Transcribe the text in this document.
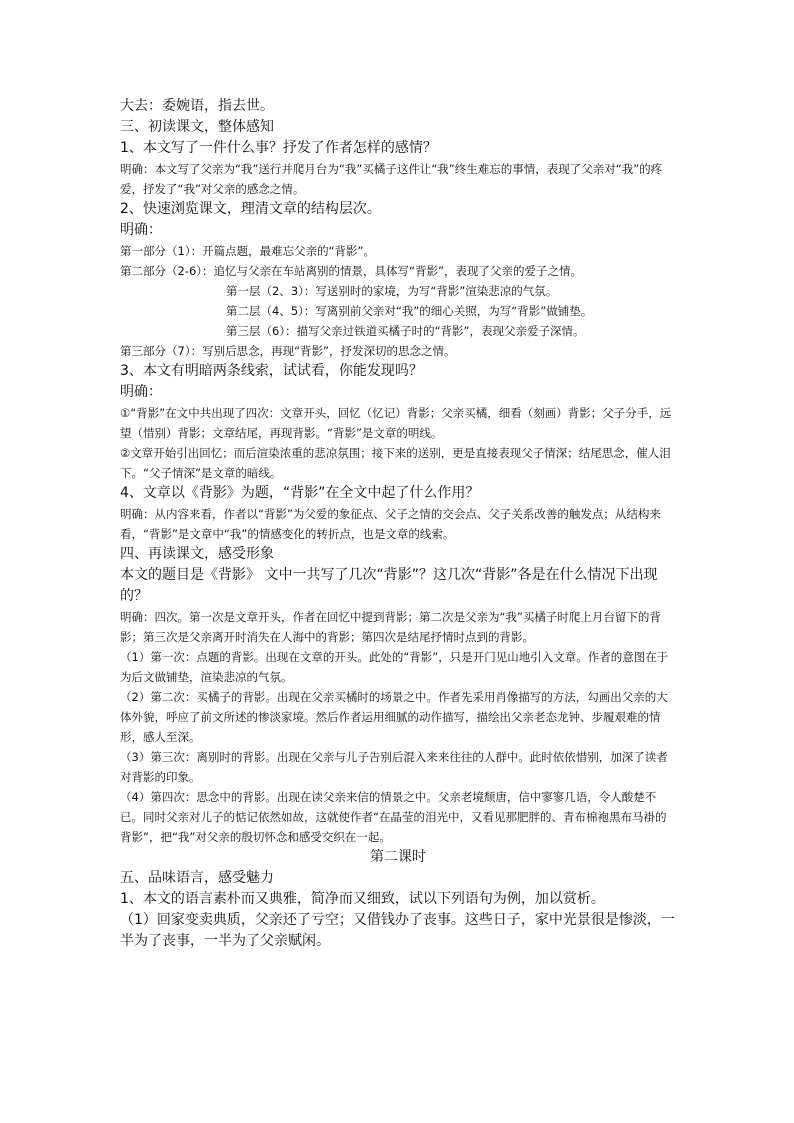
大去：委婉语，指去世。

三、初读课文，整体感知

1、本文写了一件什么事？抒发了作者怎样的感情？

明确：本文写了父亲为“我”送行并爬月台为“我”买橘子这件让“我”终生难忘的事情，表现了父亲对“我”的疼爱，抒发了“我”对父亲的感念之情。

2、快速浏览课文，理清文章的结构层次。

明确：

第一部分（1）：开篇点题，最难忘父亲的“背影”。

第二部分（2-6）：追忆与父亲在车站离别的情景，具体写“背影”，表现了父亲的爱子之情。

第一层（2、3）：写送别时的家境，为写“背影”渲染悲凉的气氛。

第二层（4、5）：写离别前父亲对“我”的细心关照，为写“背影”做铺垫。

第三层（6）：描写父亲过铁道买橘子时的“背影”，表现父亲爱子深情。

第三部分（7）：写别后思念，再现“背影”，抒发深切的思念之情。

3、本文有明暗两条线索，试试看，你能发现吗？

明确：

①“背影”在文中共出现了四次：文章开头，回忆（忆记）背影；父亲买橘，细看（刻画）背影；父子分手，远望（惜别）背影；文章结尾，再现背影。“背影”是文章的明线。

②文章开始引出回忆；而后渲染浓重的悲凉氛围；接下来的送别，更是直接表现父子情深；结尾思念，催人泪下。“父子情深”是文章的暗线。

4、文章以《背影》为题，“背影”在全文中起了什么作用？

明确：从内容来看，作者以“背影”为父爱的象征点、父子之情的交会点、父子关系改善的触发点；从结构来看，“背影”是文章中“我”的情感变化的转折点，也是文章的线索。

四、再读课文，感受形象

本文的题目是《背影》 文中一共写了几次“背影”？这几次“背影”各是在什么情况下出现的？

明确：四次。第一次是文章开头，作者在回忆中提到背影；第二次是父亲为“我”买橘子时爬上月台留下的背影；第三次是父亲离开时消失在人海中的背影；第四次是结尾抒情时点到的背影。

（1）第一次：点题的背影。出现在文章的开头。此处的“背影”，只是开门见山地引入文章。作者的意图在于为后文做铺垫，渲染悲凉的气氛。

（2）第二次：买橘子的背影。出现在父亲买橘时的场景之中。作者先采用肖像描写的方法，勾画出父亲的大体外貌，呼应了前文所述的惨淡家境。然后作者运用细腻的动作描写，描绘出父亲老态龙钟、步履艰难的情形，感人至深。

（3）第三次：离别时的背影。出现在父亲与儿子告别后混入来来往往的人群中。此时依依惜别，加深了读者对背影的印象。

（4）第四次：思念中的背影。出现在读父亲来信的情景之中。父亲老境颓唐，信中寥寥几语，令人酸楚不已。同时父亲对儿子的惦记依然如故，这就使作者“在晶莹的泪光中，又看见那肥胖的、青布棉袍黑布马褂的背影”，把“我”对父亲的殷切怀念和感受交织在一起。

第二课时

五、品味语言，感受魅力

1、本文的语言素朴而又典雅，简净而又细致，试以下列语句为例，加以赏析。

（1）回家变卖典质，父亲还了亏空；又借钱办了丧事。这些日子，家中光景很是惨淡，一半为了丧事，一半为了父亲赋闲。
